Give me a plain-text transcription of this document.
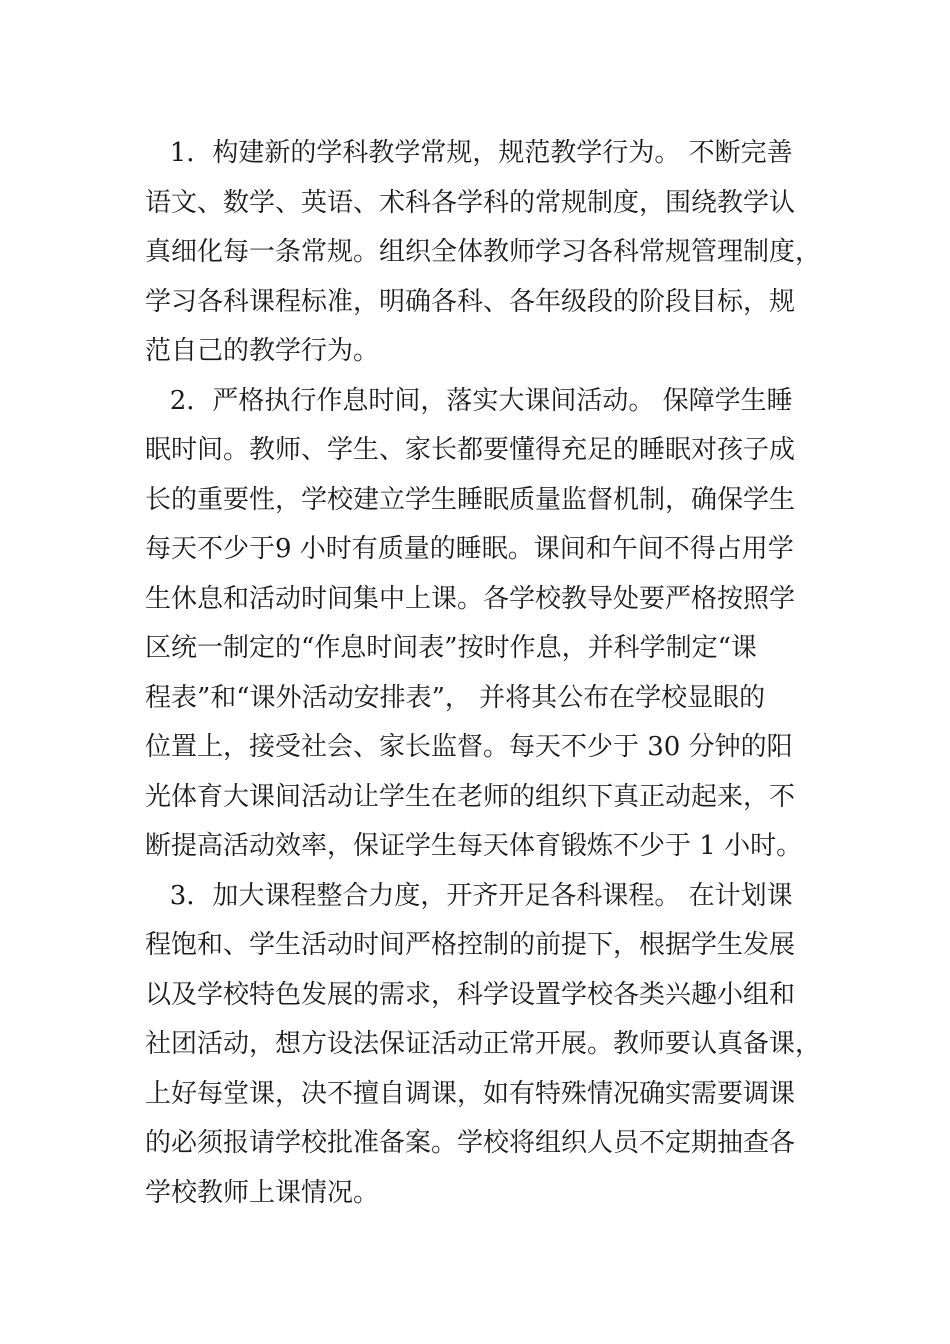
1．构建新的学科教学常规，规范教学行为。 不断完善
语文、数学、英语、术科各学科的常规制度，围绕教学认
真细化每一条常规。组织全体教师学习各科常规管理制度，
学习各科课程标准，明确各科、各年级段的阶段目标，规
范自己的教学行为。
2．严格执行作息时间，落实大课间活动。 保障学生睡
眠时间。教师、学生、家长都要懂得充足的睡眠对孩子成
长的重要性，学校建立学生睡眠质量监督机制，确保学生
每天不少于9 小时有质量的睡眠。课间和午间不得占用学
生休息和活动时间集中上课。各学校教导处要严格按照学
区统一制定的“作息时间表”按时作息，并科学制定“课
程表”和“课外活动安排表”， 并将其公布在学校显眼的
位置上，接受社会、家长监督。每天不少于 30 分钟的阳
光体育大课间活动让学生在老师的组织下真正动起来，不
断提高活动效率，保证学生每天体育锻炼不少于 1 小时。
3．加大课程整合力度，开齐开足各科课程。 在计划课
程饱和、学生活动时间严格控制的前提下，根据学生发展
以及学校特色发展的需求，科学设置学校各类兴趣小组和
社团活动，想方设法保证活动正常开展。教师要认真备课，
上好每堂课，决不擅自调课，如有特殊情况确实需要调课
的必须报请学校批准备案。学校将组织人员不定期抽查各
学校教师上课情况。
